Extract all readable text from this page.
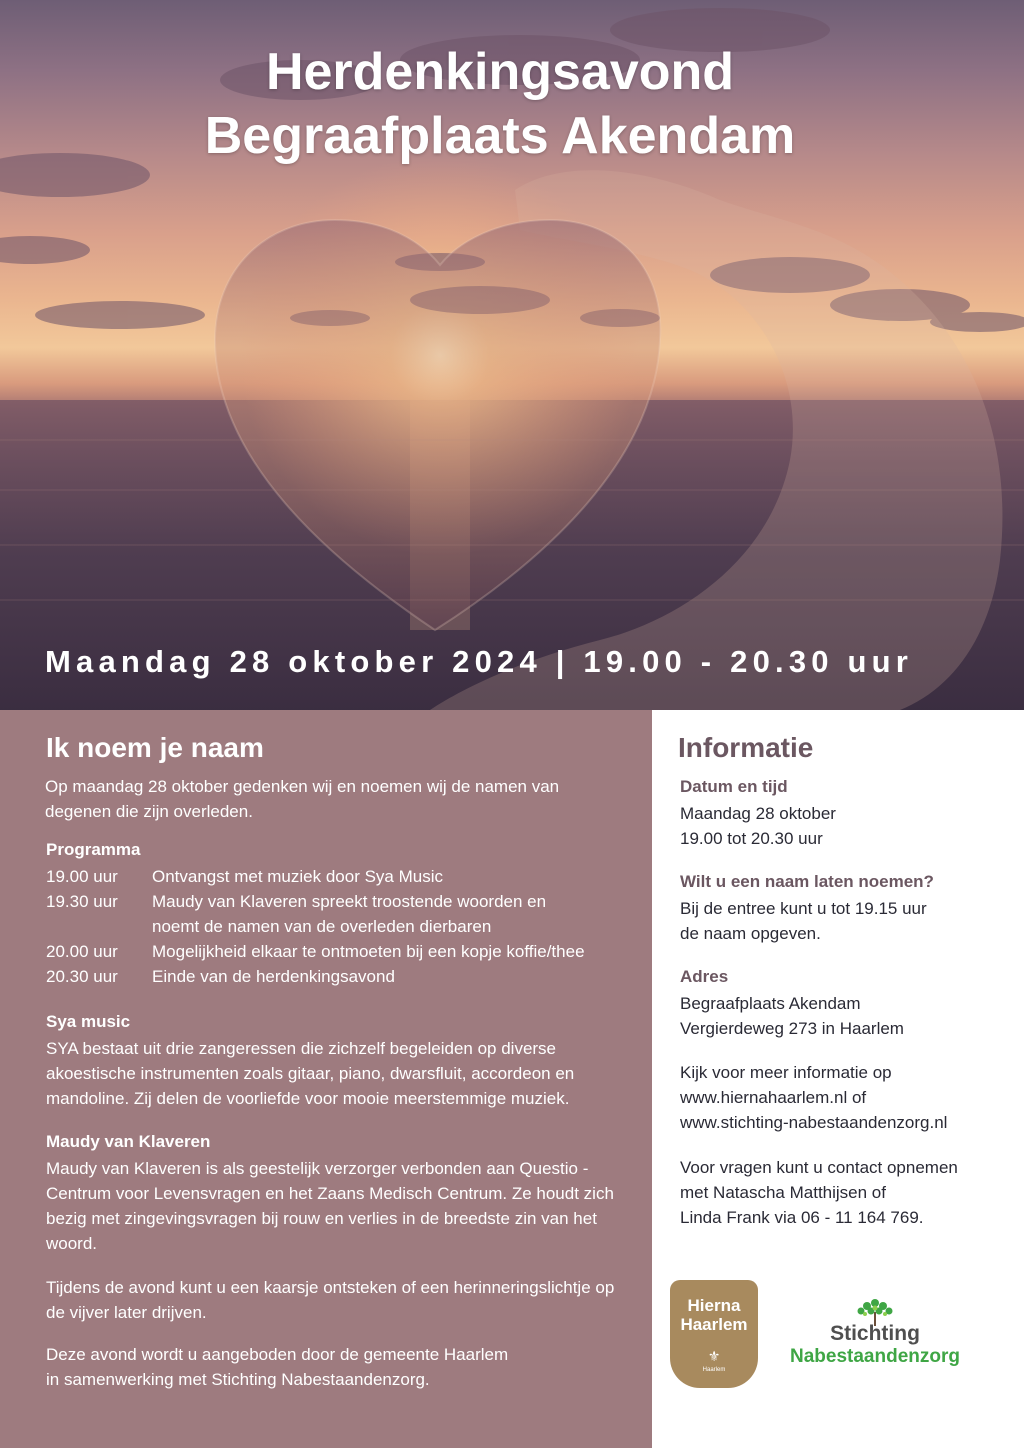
Herdenkingsavond
Begraafplaats Akendam
Maandag 28 oktober 2024 | 19.00 - 20.30 uur
Ik noem je naam
Op maandag 28 oktober gedenken wij en noemen wij de namen van degenen die zijn overleden.
Programma
19.00 uur	Ontvangst met muziek door Sya Music
19.30 uur	Maudy van Klaveren spreekt troostende woorden en noemt de namen van de overleden dierbaren
20.00 uur	Mogelijkheid elkaar te ontmoeten bij een kopje koffie/thee
20.30 uur	Einde van de herdenkingsavond
Sya music
SYA bestaat uit drie zangeressen die zichzelf begeleiden op diverse akoestische instrumenten zoals gitaar, piano, dwarsfluit, accordeon en mandoline. Zij delen de voorliefde voor mooie meerstemmige muziek.
Maudy van Klaveren
Maudy van Klaveren is als geestelijk verzorger verbonden aan Questio - Centrum voor Levensvragen en het Zaans Medisch Centrum. Ze houdt zich bezig met zingevingsvragen bij rouw en verlies in de breedste zin van het woord.
Tijdens de avond kunt u een kaarsje ontsteken of een herinneringslichtje op de vijver later drijven.
Deze avond wordt u aangeboden door de gemeente Haarlem
in samenwerking met Stichting Nabestaandenzorg.
Informatie
Datum en tijd
Maandag 28 oktober
19.00 tot 20.30 uur
Wilt u een naam laten noemen?
Bij de entree kunt u tot 19.15 uur
de naam opgeven.
Adres
Begraafplaats Akendam
Vergierdeweg 273 in Haarlem
Kijk voor meer informatie op
www.hiernahaarlem.nl of
www.stichting-nabestaandenzorg.nl
Voor vragen kunt u contact opnemen
met Natascha Matthijsen of
Linda Frank via 06 - 11 164 769.
Hierna
Haarlem
⚜
Haarlem
Stichting
Nabestaandenzorg
